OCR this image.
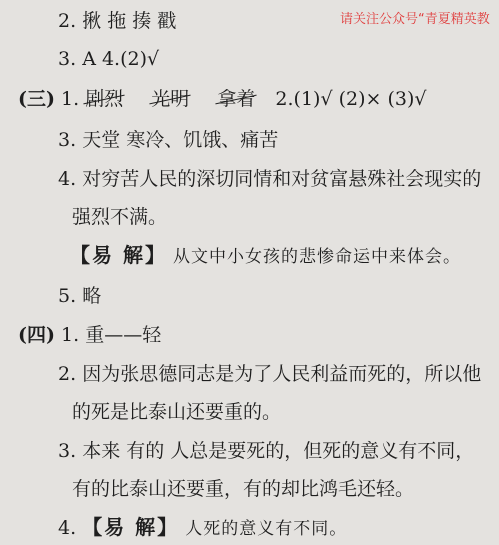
请关注公众号“青夏精英教
2. 揪 拖 揍 戳
3. A 4.(2)√
(三) 1. 剧烈 光明 拿着 2.(1)√ (2)× (3)√
3. 天堂 寒冷、饥饿、痛苦
4. 对穷苦人民的深切同情和对贫富悬殊社会现实的
强烈不满。
【易 解】 从文中小女孩的悲惨命运中来体会。
5. 略
(四) 1. 重——轻
2. 因为张思德同志是为了人民利益而死的，所以他
的死是比泰山还要重的。
3. 本来 有的 人总是要死的，但死的意义有不同，
有的比泰山还要重，有的却比鸿毛还轻。
4. 【易 解】 人死的意义有不同。
